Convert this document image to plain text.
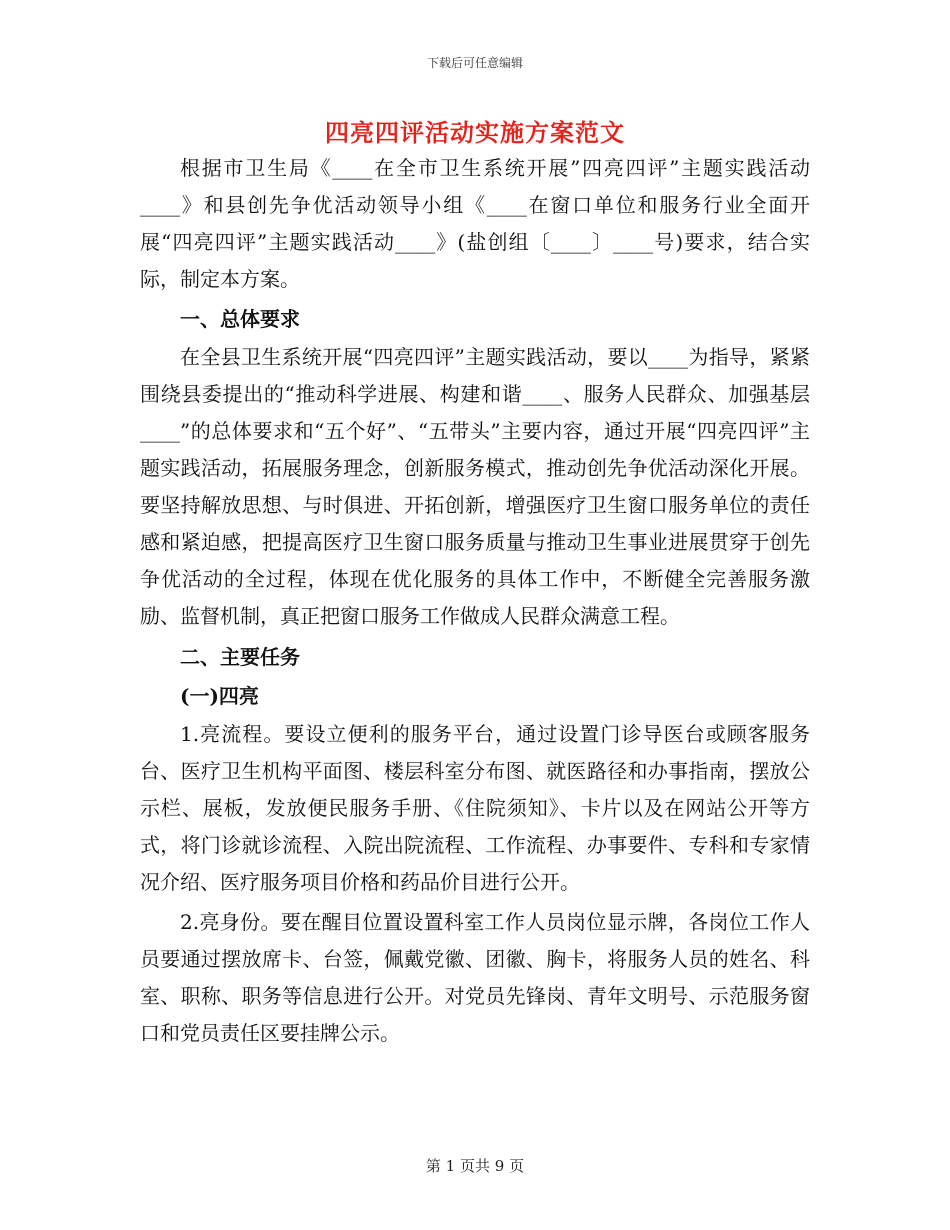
下载后可任意编辑
四亮四评活动实施方案范文

根据市卫生局《____在全市卫生系统开展”四亮四评”主题实践活动____》和县创先争优活动领导小组《____在窗口单位和服务行业全面开展“四亮四评”主题实践活动____》(盐创组〔____〕____号)要求，结合实际，制定本方案。

一、总体要求

在全县卫生系统开展“四亮四评”主题实践活动，要以____为指导，紧紧围绕县委提出的“推动科学进展、构建和谐____、服务人民群众、加强基层____”的总体要求和“五个好”、“五带头”主要内容，通过开展“四亮四评”主题实践活动，拓展服务理念，创新服务模式，推动创先争优活动深化开展。要坚持解放思想、与时俱进、开拓创新，增强医疗卫生窗口服务单位的责任感和紧迫感，把提高医疗卫生窗口服务质量与推动卫生事业进展贯穿于创先争优活动的全过程，体现在优化服务的具体工作中，不断健全完善服务激励、监督机制，真正把窗口服务工作做成人民群众满意工程。

二、主要任务

(一)四亮

1.亮流程。要设立便利的服务平台，通过设置门诊导医台或顾客服务台、医疗卫生机构平面图、楼层科室分布图、就医路径和办事指南，摆放公示栏、展板，发放便民服务手册、《住院须知》、卡片以及在网站公开等方式，将门诊就诊流程、入院出院流程、工作流程、办事要件、专科和专家情况介绍、医疗服务项目价格和药品价目进行公开。

2.亮身份。要在醒目位置设置科室工作人员岗位显示牌，各岗位工作人员要通过摆放席卡、台签，佩戴党徽、团徽、胸卡，将服务人员的姓名、科室、职称、职务等信息进行公开。对党员先锋岗、青年文明号、示范服务窗口和党员责任区要挂牌公示。

第 1 页共 9 页
